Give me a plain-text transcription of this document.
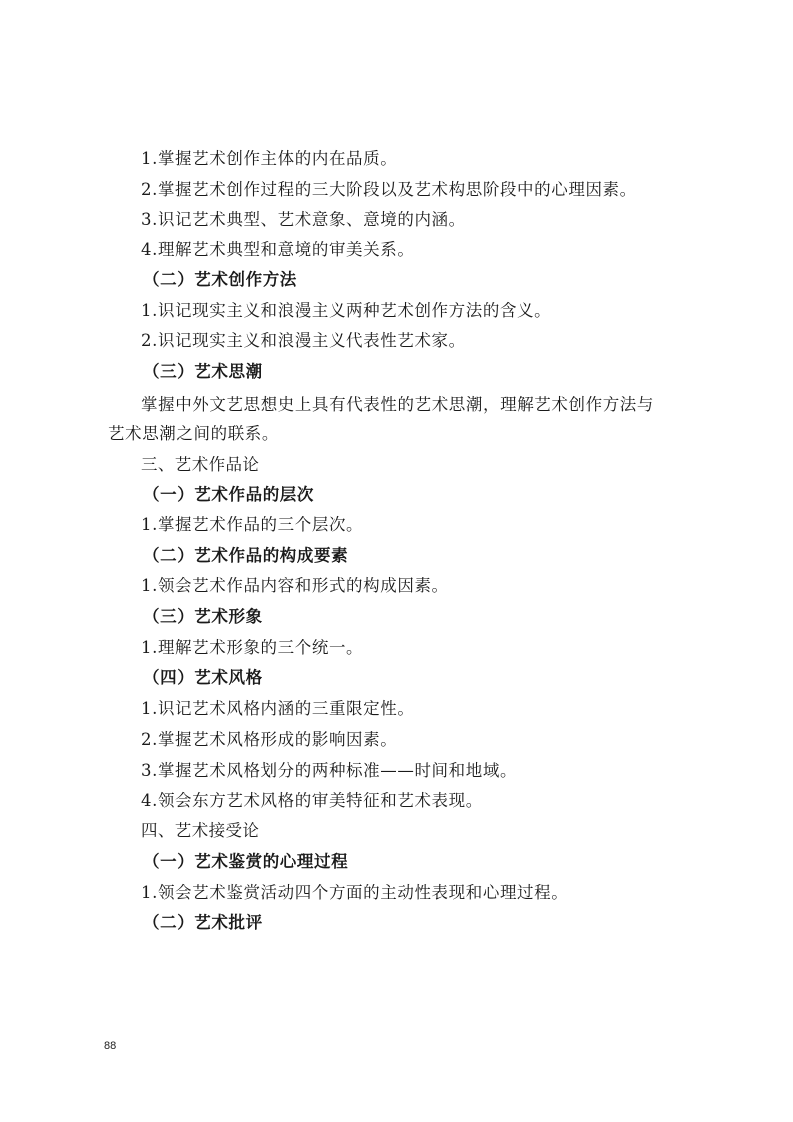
1.掌握艺术创作主体的内在品质。
2.掌握艺术创作过程的三大阶段以及艺术构思阶段中的心理因素。
3.识记艺术典型、艺术意象、意境的内涵。
4.理解艺术典型和意境的审美关系。
（二）艺术创作方法
1.识记现实主义和浪漫主义两种艺术创作方法的含义。
2.识记现实主义和浪漫主义代表性艺术家。
（三）艺术思潮
掌握中外文艺思想史上具有代表性的艺术思潮，理解艺术创作方法与
艺术思潮之间的联系。
三、艺术作品论
（一）艺术作品的层次
1.掌握艺术作品的三个层次。
（二）艺术作品的构成要素
1.领会艺术作品内容和形式的构成因素。
（三）艺术形象
1.理解艺术形象的三个统一。
（四）艺术风格
1.识记艺术风格内涵的三重限定性。
2.掌握艺术风格形成的影响因素。
3.掌握艺术风格划分的两种标准——时间和地域。
4.领会东方艺术风格的审美特征和艺术表现。
四、艺术接受论
（一）艺术鉴赏的心理过程
1.领会艺术鉴赏活动四个方面的主动性表现和心理过程。
（二）艺术批评
88
